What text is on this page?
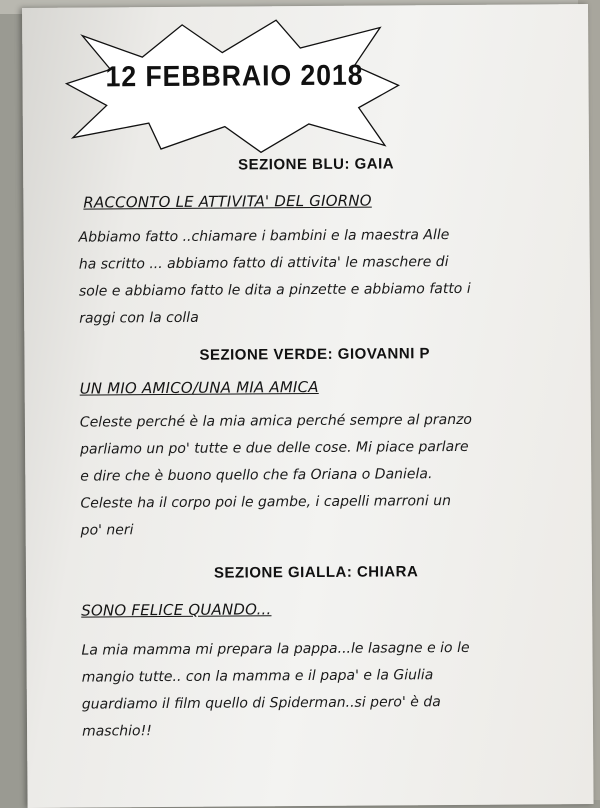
12 FEBBRAIO 2018
SEZIONE BLU: GAIA
RACCONTO LE ATTIVITA' DEL GIORNO
Abbiamo fatto ..chiamare i bambini e la maestra Alle
ha scritto ... abbiamo fatto di attivita' le maschere di
sole e abbiamo fatto le dita a pinzette e abbiamo fatto i
raggi con la colla
SEZIONE VERDE: GIOVANNI P
UN MIO AMICO/UNA MIA AMICA
Celeste perché è la mia amica perché sempre al pranzo
parliamo un po' tutte e due delle cose. Mi piace parlare
e dire che è buono quello che fa Oriana o Daniela.
Celeste ha il corpo poi le gambe, i capelli marroni un
po' neri
SEZIONE GIALLA: CHIARA
SONO FELICE QUANDO...
La mia mamma mi prepara la pappa...le lasagne e io le
mangio tutte.. con la mamma e il papa' e la Giulia
guardiamo il film quello di Spiderman..si pero' è da
maschio!!
